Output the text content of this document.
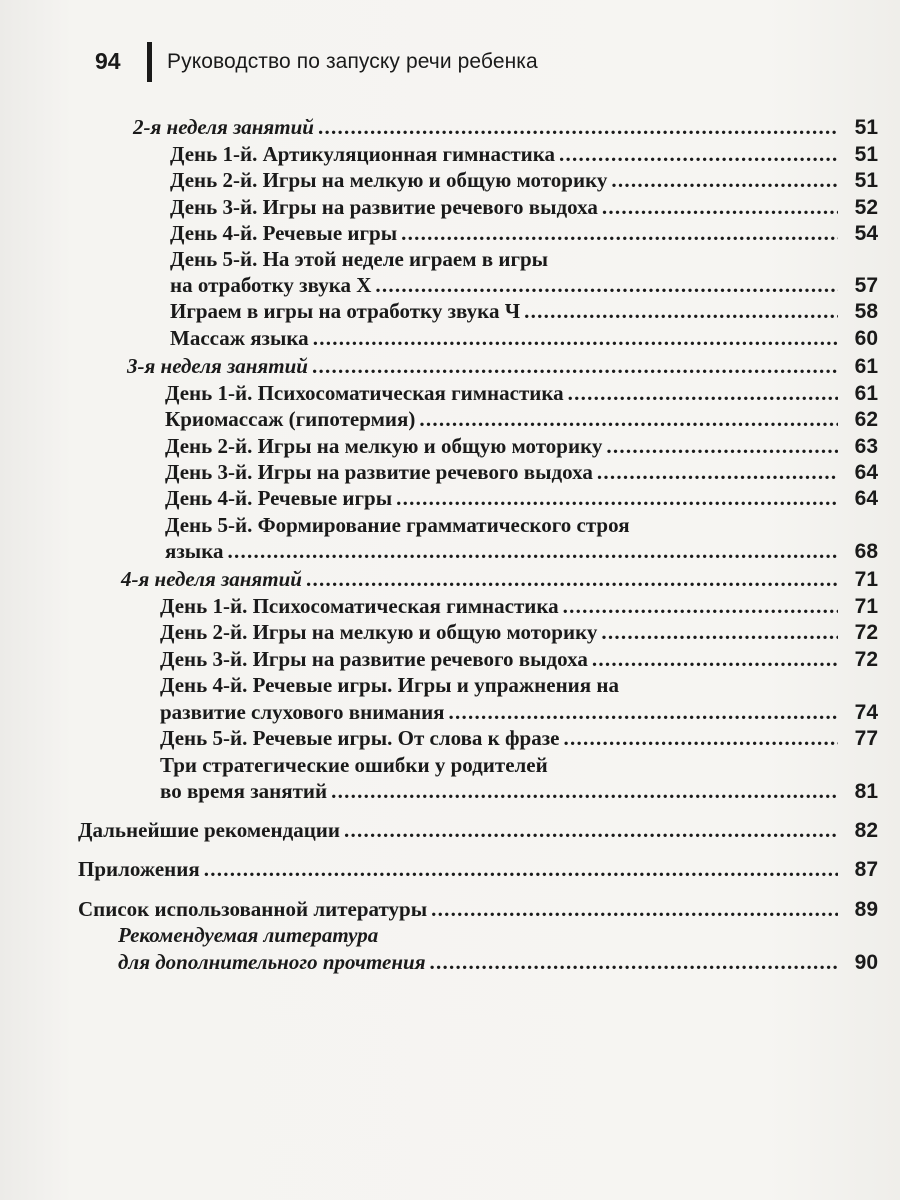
94 Руководство по запуску речи ребенка
2-я неделя занятий . . .	51
День 1-й. Артикуляционная гимнастика . . .	51
День 2-й. Игры на мелкую и общую моторику . . .	51
День 3-й. Игры на развитие речевого выдоха . . .	52
День 4-й. Речевые игры . . .	54
День 5-й. На этой неделе играем в игры
на отработку звука Х . . .	57
Играем в игры на отработку звука Ч . . .	58
Массаж языка . . .	60
3-я неделя занятий . . .	61
День 1-й. Психосоматическая гимнастика . . .	61
Криомассаж (гипотермия) . . .	62
День 2-й. Игры на мелкую и общую моторику . . .	63
День 3-й. Игры на развитие речевого выдоха . . .	64
День 4-й. Речевые игры . . .	64
День 5-й. Формирование грамматического строя
языка . . .	68
4-я неделя занятий . . .	71
День 1-й. Психосоматическая гимнастика . . .	71
День 2-й. Игры на мелкую и общую моторику . . .	72
День 3-й. Игры на развитие речевого выдоха . . .	72
День 4-й. Речевые игры. Игры и упражнения на
развитие слухового внимания . . .	74
День 5-й. Речевые игры. От слова к фразе . . .	77
Три стратегические ошибки у родителей
во время занятий . . .	81
Дальнейшие рекомендации . . .	82
Приложения . . .	87
Список использованной литературы . . .	89
Рекомендуемая литература
для дополнительного прочтения . . .	90
